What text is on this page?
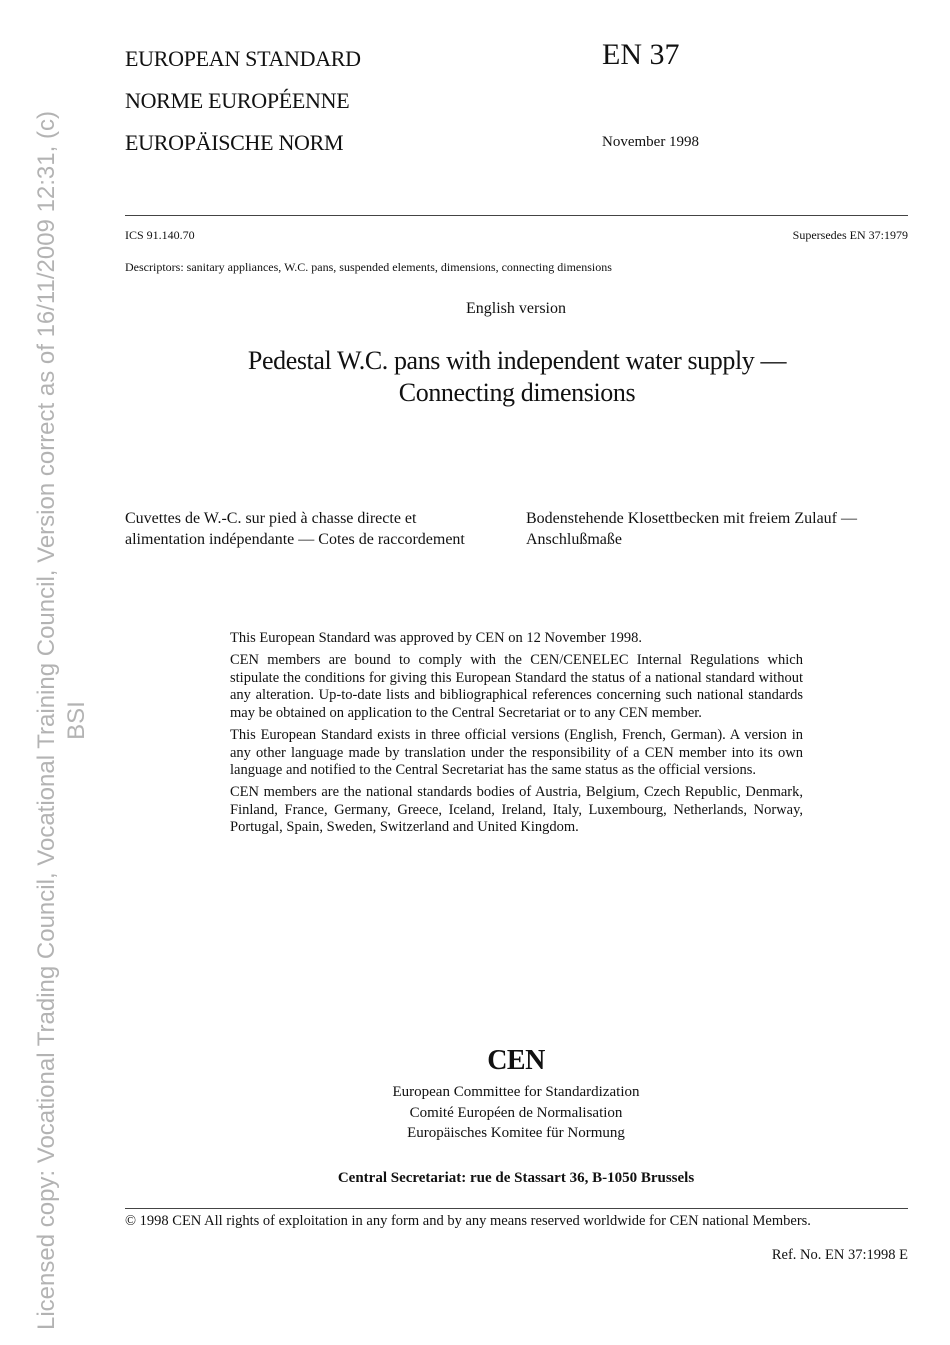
Licensed copy: Vocational Trading Council, Vocational Training Council, Version correct as of 16/11/2009 12:31, (c) BSI
EUROPEAN STANDARD
NORME EUROPÉENNE
EUROPÄISCHE NORM
EN 37
November 1998
ICS 91.140.70	Supersedes EN 37:1979
Descriptors: sanitary appliances, W.C. pans, suspended elements, dimensions, connecting dimensions
English version
Pedestal W.C. pans with independent water supply —
Connecting dimensions
Cuvettes de W.-C. sur pied à chasse directe et alimentation indépendante — Cotes de raccordement
Bodenstehende Klosettbecken mit freiem Zulauf — Anschlußmaße

This European Standard was approved by CEN on 12 November 1998.

CEN members are bound to comply with the CEN/CENELEC Internal Regulations which stipulate the conditions for giving this European Standard the status of a national standard without any alteration. Up-to-date lists and bibliographical references concerning such national standards may be obtained on application to the Central Secretariat or to any CEN member.

This European Standard exists in three official versions (English, French, German). A version in any other language made by translation under the responsibility of a CEN member into its own language and notified to the Central Secretariat has the same status as the official versions.

CEN members are the national standards bodies of Austria, Belgium, Czech Republic, Denmark, Finland, France, Germany, Greece, Iceland, Ireland, Italy, Luxembourg, Netherlands, Norway, Portugal, Spain, Sweden, Switzerland and United Kingdom.

CEN
European Committee for Standardization
Comité Européen de Normalisation
Europäisches Komitee für Normung
Central Secretariat: rue de Stassart 36, B-1050 Brussels
© 1998 CEN All rights of exploitation in any form and by any means reserved worldwide for CEN national Members.
Ref. No. EN 37:1998 E
